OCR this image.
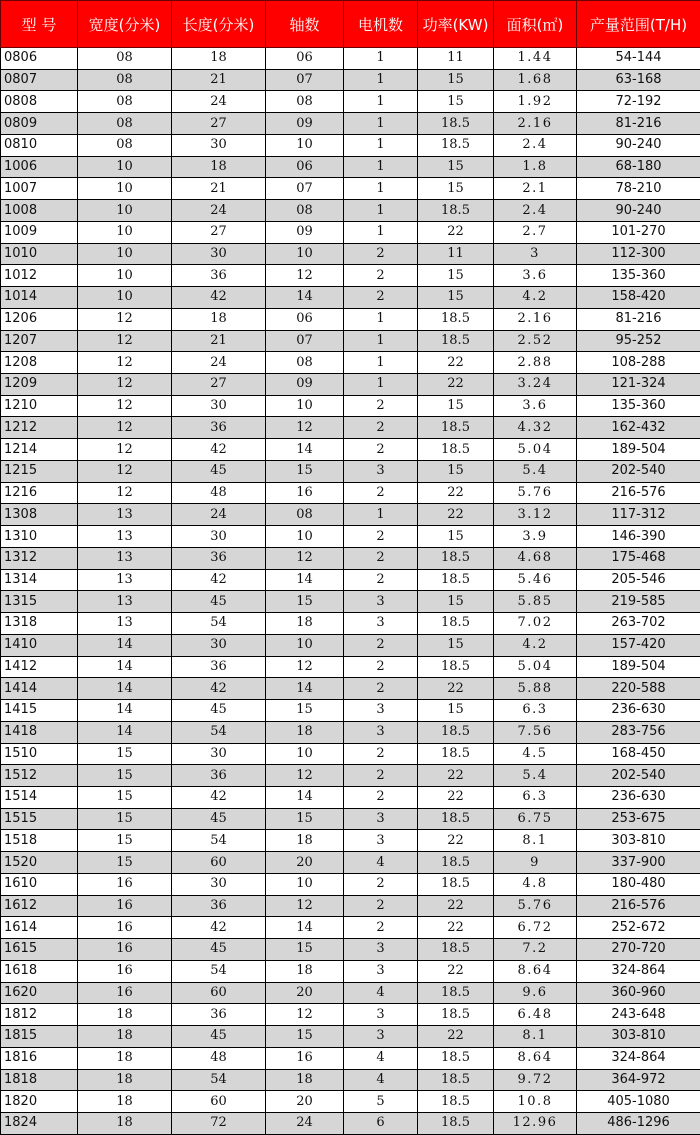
型 号	宽度(分米)	长度(分米)	轴数	电机数	功率(KW)	面积(㎡)	产量范围(T/H)
0806	08	18	06	1	11	1.44	54-144
0807	08	21	07	1	15	1.68	63-168
0808	08	24	08	1	15	1.92	72-192
0809	08	27	09	1	18.5	2.16	81-216
0810	08	30	10	1	18.5	2.4	90-240
1006	10	18	06	1	15	1.8	68-180
1007	10	21	07	1	15	2.1	78-210
1008	10	24	08	1	18.5	2.4	90-240
1009	10	27	09	1	22	2.7	101-270
1010	10	30	10	2	11	3	112-300
1012	10	36	12	2	15	3.6	135-360
1014	10	42	14	2	15	4.2	158-420
1206	12	18	06	1	18.5	2.16	81-216
1207	12	21	07	1	18.5	2.52	95-252
1208	12	24	08	1	22	2.88	108-288
1209	12	27	09	1	22	3.24	121-324
1210	12	30	10	2	15	3.6	135-360
1212	12	36	12	2	18.5	4.32	162-432
1214	12	42	14	2	18.5	5.04	189-504
1215	12	45	15	3	15	5.4	202-540
1216	12	48	16	2	22	5.76	216-576
1308	13	24	08	1	22	3.12	117-312
1310	13	30	10	2	15	3.9	146-390
1312	13	36	12	2	18.5	4.68	175-468
1314	13	42	14	2	18.5	5.46	205-546
1315	13	45	15	3	15	5.85	219-585
1318	13	54	18	3	18.5	7.02	263-702
1410	14	30	10	2	15	4.2	157-420
1412	14	36	12	2	18.5	5.04	189-504
1414	14	42	14	2	22	5.88	220-588
1415	14	45	15	3	15	6.3	236-630
1418	14	54	18	3	18.5	7.56	283-756
1510	15	30	10	2	18.5	4.5	168-450
1512	15	36	12	2	22	5.4	202-540
1514	15	42	14	2	22	6.3	236-630
1515	15	45	15	3	18.5	6.75	253-675
1518	15	54	18	3	22	8.1	303-810
1520	15	60	20	4	18.5	9	337-900
1610	16	30	10	2	18.5	4.8	180-480
1612	16	36	12	2	22	5.76	216-576
1614	16	42	14	2	22	6.72	252-672
1615	16	45	15	3	18.5	7.2	270-720
1618	16	54	18	3	22	8.64	324-864
1620	16	60	20	4	18.5	9.6	360-960
1812	18	36	12	3	18.5	6.48	243-648
1815	18	45	15	3	22	8.1	303-810
1816	18	48	16	4	18.5	8.64	324-864
1818	18	54	18	4	18.5	9.72	364-972
1820	18	60	20	5	18.5	10.8	405-1080
1824	18	72	24	6	18.5	12.96	486-1296
